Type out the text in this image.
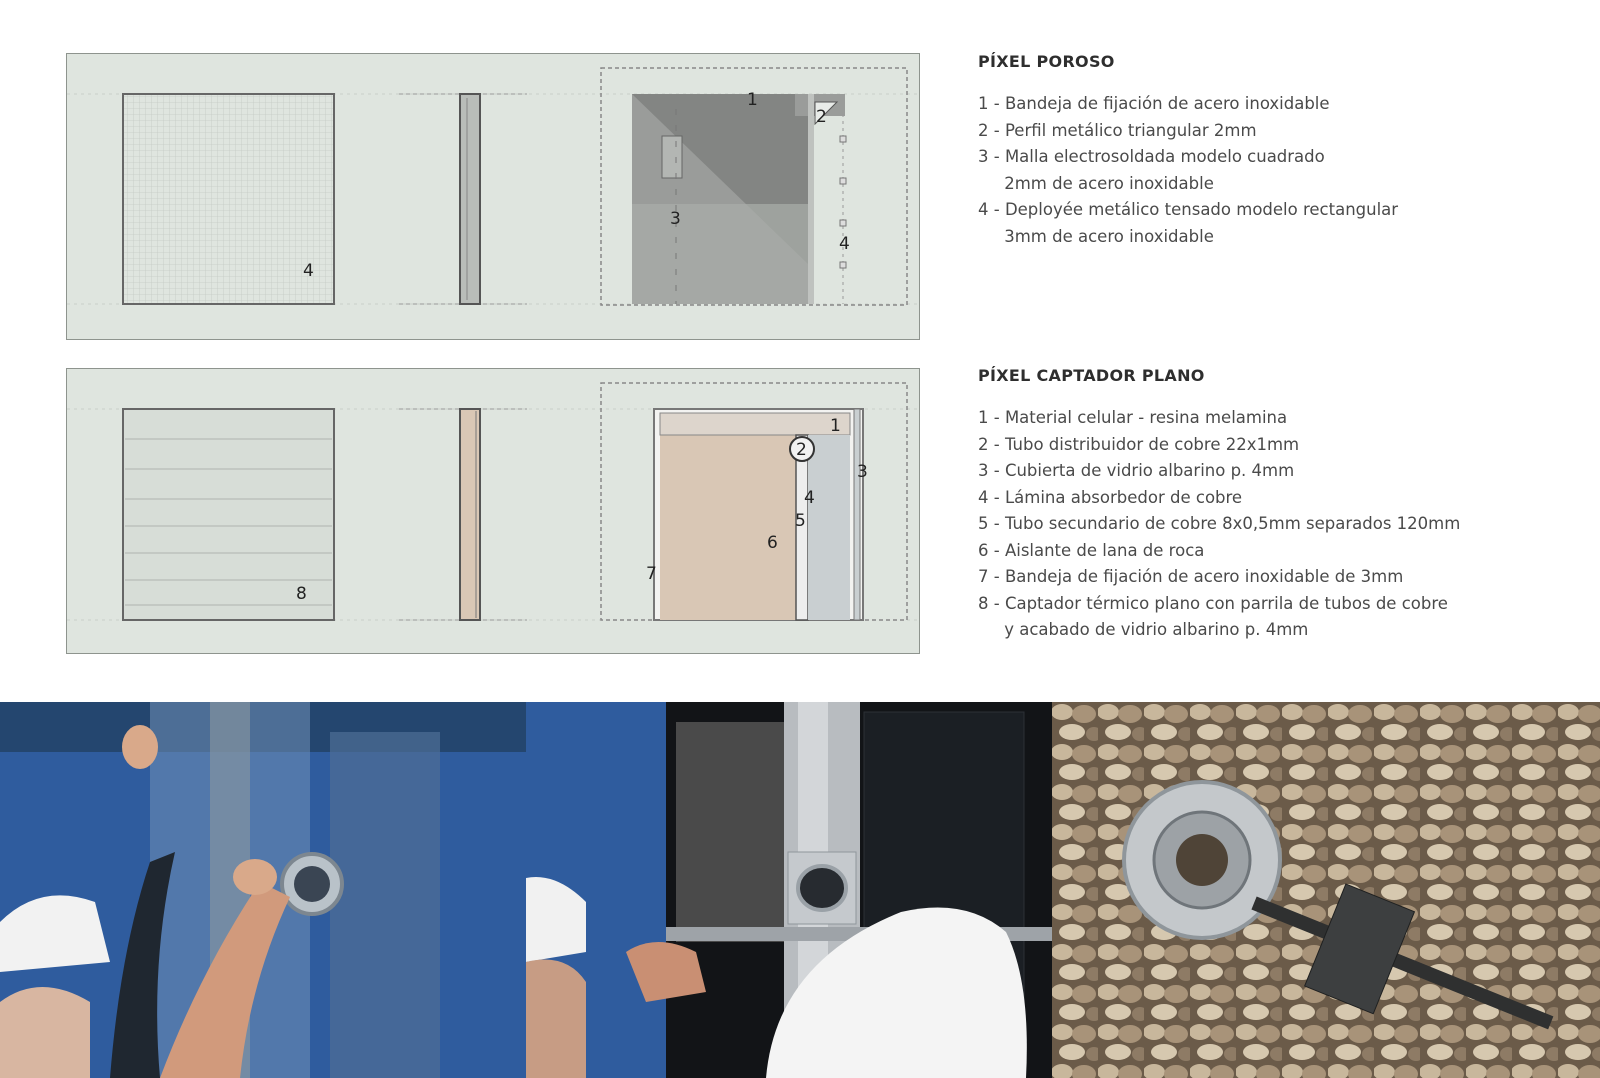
4
1
2
3
4
PÍXEL POROSO
1 - Bandeja de fijación de acero inoxidable
2 - Perfil metálico triangular 2mm
3 - Malla electrosoldada modelo cuadrado
2mm de acero inoxidable
4 - Deployée metálico tensado modelo rectangular
3mm de acero inoxidable
8
1
2
3
4
5
6
7
PÍXEL CAPTADOR PLANO
1 - Material celular - resina melamina
2 - Tubo distribuidor de cobre 22x1mm
3 - Cubierta de vidrio albarino p. 4mm
4 - Lámina absorbedor de cobre
5 - Tubo secundario de cobre 8x0,5mm separados 120mm
6 - Aislante de lana de roca
7 - Bandeja de fijación de acero inoxidable de 3mm
8 - Captador térmico plano con parrila de tubos de cobre
y acabado de vidrio albarino p. 4mm
